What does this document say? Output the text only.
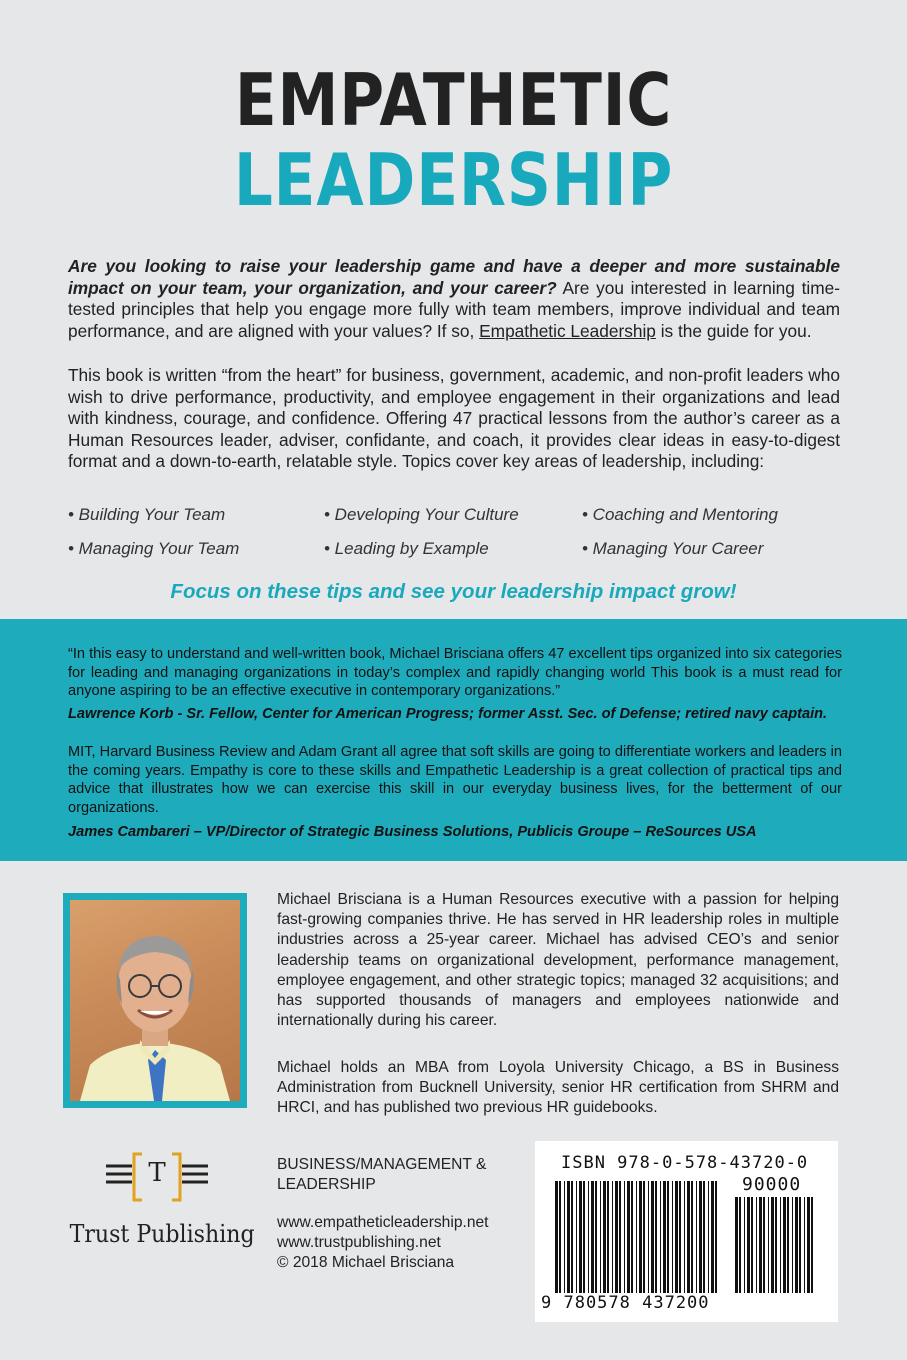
EMPATHETIC
LEADERSHIP
Are you looking to raise your leadership game and have a deeper and more sustainable impact on your team, your organization, and your career? Are you interested in learning time-tested principles that help you engage more fully with team members, improve individual and team performance, and are aligned with your values? If so, Empathetic Leadership is the guide for you.
This book is written “from the heart” for business, government, academic, and non-profit leaders who wish to drive performance, productivity, and employee engagement in their organizations and lead with kindness, courage, and confidence. Offering 47 practical lessons from the author’s career as a Human Resources leader, adviser, confidante, and coach, it provides clear ideas in easy-to-digest format and a down-to-earth, relatable style. Topics cover key areas of leadership, including:
• Building Your Team	• Developing Your Culture	• Coaching and Mentoring
• Managing Your Team	• Leading by Example	• Managing Your Career
Focus on these tips and see your leadership impact grow!
“In this easy to understand and well-written book, Michael Brisciana offers 47 excellent tips organized into six categories for leading and managing organizations in today’s complex and rapidly changing world This book is a must read for anyone aspiring to be an effective executive in contemporary organizations.”
Lawrence Korb - Sr. Fellow, Center for American Progress; former Asst. Sec. of Defense; retired navy captain.
MIT, Harvard Business Review and Adam Grant all agree that soft skills are going to differentiate workers and leaders in the coming years. Empathy is core to these skills and Empathetic Leadership is a great collection of practical tips and advice that illustrates how we can exercise this skill in our everyday business lives, for the betterment of our organizations.
James Cambareri – VP/Director of Strategic Business Solutions, Publicis Groupe – ReSources USA
Michael Brisciana is a Human Resources executive with a passion for helping fast-growing companies thrive. He has served in HR leadership roles in multiple industries across a 25-year career. Michael has advised CEO’s and senior leadership teams on organizational development, performance management, employee engagement, and other strategic topics; managed 32 acquisitions; and has supported thousands of managers and employees nationwide and internationally during his career.
Michael holds an MBA from Loyola University Chicago, a BS in Business Administration from Bucknell University, senior HR certification from SHRM and HRCI, and has published two previous HR guidebooks.
T
Trust Publishing
BUSINESS/MANAGEMENT & LEADERSHIP
www.empatheticleadership.net
www.trustpublishing.net
© 2018 Michael Brisciana
ISBN 978-0-578-43720-0
90000
9 780578 437200
